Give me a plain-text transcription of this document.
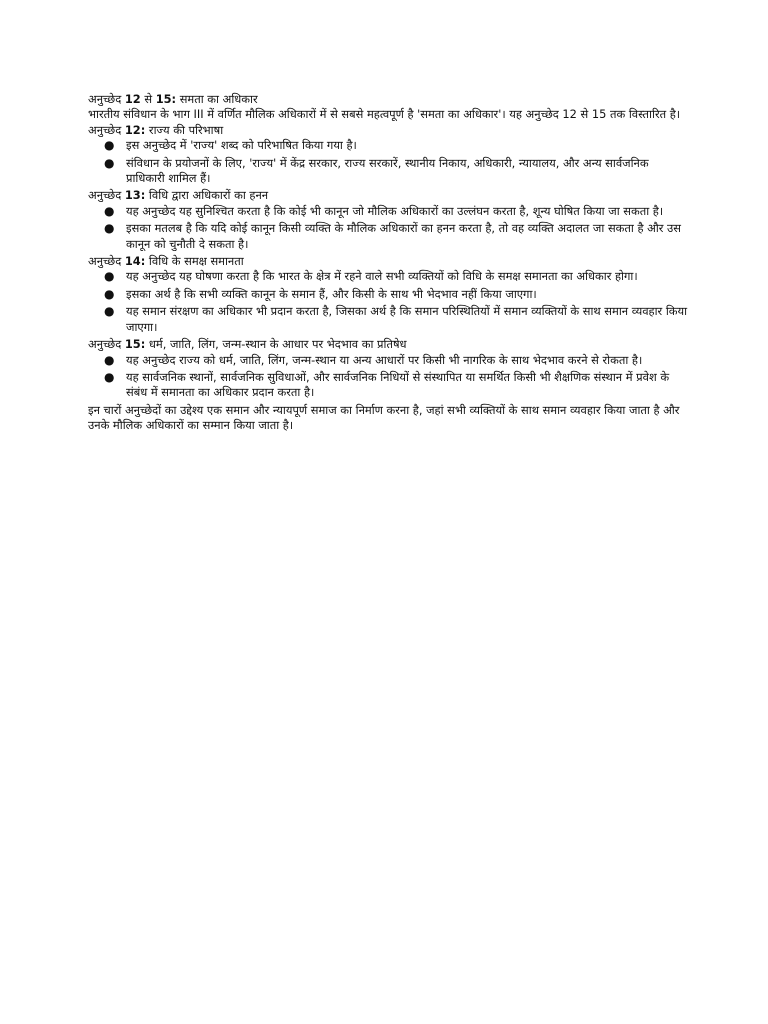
अनुच्छेद 12 से 15: समता का अधिकार

भारतीय संविधान के भाग III में वर्णित मौलिक अधिकारों में से सबसे महत्वपूर्ण है 'समता का अधिकार'। यह अनुच्छेद 12 से 15 तक विस्तारित है।

अनुच्छेद 12: राज्य की परिभाषा

● इस अनुच्छेद में 'राज्य' शब्द को परिभाषित किया गया है।
● संविधान के प्रयोजनों के लिए, 'राज्य' में केंद्र सरकार, राज्य सरकारें, स्थानीय निकाय, अधिकारी, न्यायालय, और अन्य सार्वजनिक प्राधिकारी शामिल हैं।

अनुच्छेद 13: विधि द्वारा अधिकारों का हनन

● यह अनुच्छेद यह सुनिश्चित करता है कि कोई भी कानून जो मौलिक अधिकारों का उल्लंघन करता है, शून्य घोषित किया जा सकता है।
● इसका मतलब है कि यदि कोई कानून किसी व्यक्ति के मौलिक अधिकारों का हनन करता है, तो वह व्यक्ति अदालत जा सकता है और उस कानून को चुनौती दे सकता है।

अनुच्छेद 14: विधि के समक्ष समानता

● यह अनुच्छेद यह घोषणा करता है कि भारत के क्षेत्र में रहने वाले सभी व्यक्तियों को विधि के समक्ष समानता का अधिकार होगा।
● इसका अर्थ है कि सभी व्यक्ति कानून के समान हैं, और किसी के साथ भी भेदभाव नहीं किया जाएगा।
● यह समान संरक्षण का अधिकार भी प्रदान करता है, जिसका अर्थ है कि समान परिस्थितियों में समान व्यक्तियों के साथ समान व्यवहार किया जाएगा।

अनुच्छेद 15: धर्म, जाति, लिंग, जन्म-स्थान के आधार पर भेदभाव का प्रतिषेध

● यह अनुच्छेद राज्य को धर्म, जाति, लिंग, जन्म-स्थान या अन्य आधारों पर किसी भी नागरिक के साथ भेदभाव करने से रोकता है।
● यह सार्वजनिक स्थानों, सार्वजनिक सुविधाओं, और सार्वजनिक निधियों से संस्थापित या समर्थित किसी भी शैक्षणिक संस्थान में प्रवेश के संबंध में समानता का अधिकार प्रदान करता है।

इन चारों अनुच्छेदों का उद्देश्य एक समान और न्यायपूर्ण समाज का निर्माण करना है, जहां सभी व्यक्तियों के साथ समान व्यवहार किया जाता है और उनके मौलिक अधिकारों का सम्मान किया जाता है।
